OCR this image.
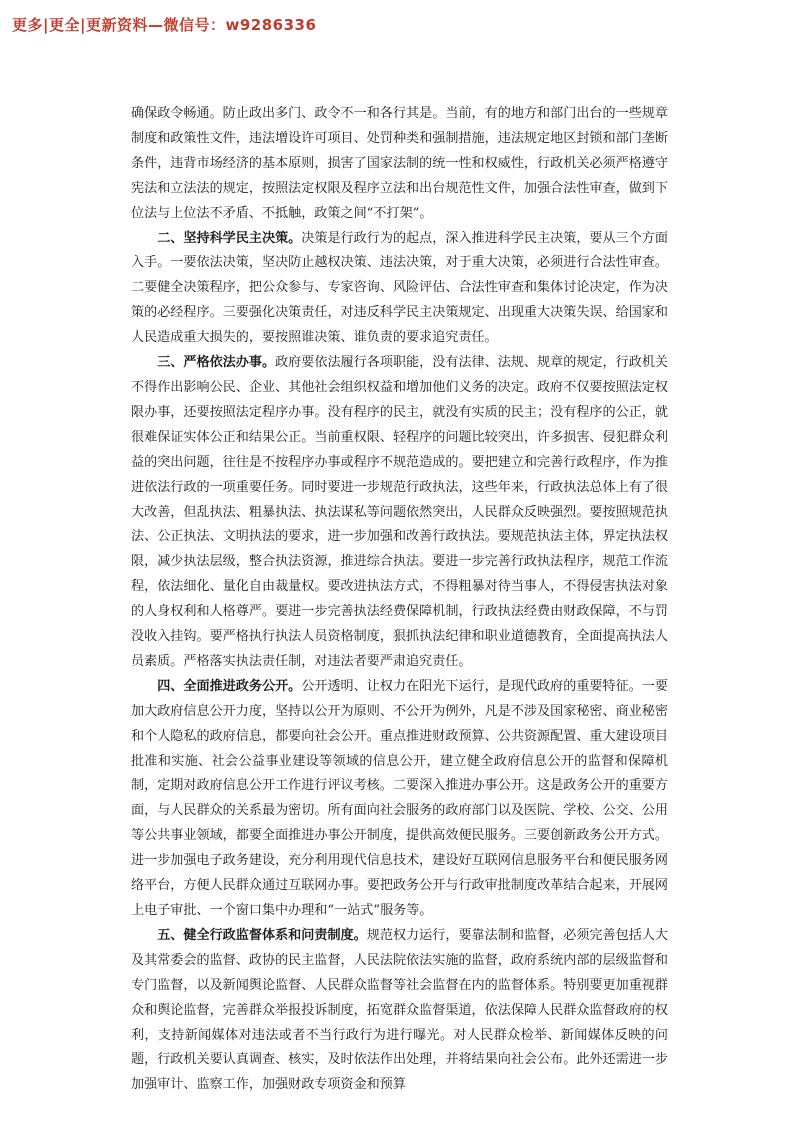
更多|更全|更新资料—微信号：w9286336

确保政令畅通。防止政出多门、政令不一和各行其是。当前，有的地方和部门出台的一些规章制度和政策性文件，违法增设许可项目、处罚种类和强制措施，违法规定地区封锁和部门垄断条件，违背市场经济的基本原则，损害了国家法制的统一性和权威性，行政机关必须严格遵守宪法和立法法的规定，按照法定权限及程序立法和出台规范性文件，加强合法性审查，做到下位法与上位法不矛盾、不抵触，政策之间“不打架”。

二、坚持科学民主决策。决策是行政行为的起点，深入推进科学民主决策，要从三个方面入手。一要依法决策，坚决防止越权决策、违法决策，对于重大决策，必须进行合法性审查。二要健全决策程序，把公众参与、专家咨询、风险评估、合法性审查和集体讨论决定，作为决策的必经程序。三要强化决策责任，对违反科学民主决策规定、出现重大决策失误、给国家和人民造成重大损失的，要按照谁决策、谁负责的要求追究责任。

三、严格依法办事。政府要依法履行各项职能，没有法律、法规、规章的规定，行政机关不得作出影响公民、企业、其他社会组织权益和增加他们义务的决定。政府不仅要按照法定权限办事，还要按照法定程序办事。没有程序的民主，就没有实质的民主；没有程序的公正，就很难保证实体公正和结果公正。当前重权限、轻程序的问题比较突出，许多损害、侵犯群众利益的突出问题，往往是不按程序办事或程序不规范造成的。要把建立和完善行政程序，作为推进依法行政的一项重要任务。同时要进一步规范行政执法，这些年来，行政执法总体上有了很大改善，但乱执法、粗暴执法、执法谋私等问题依然突出，人民群众反映强烈。要按照规范执法、公正执法、文明执法的要求，进一步加强和改善行政执法。要规范执法主体，界定执法权限，减少执法层级，整合执法资源，推进综合执法。要进一步完善行政执法程序，规范工作流程，依法细化、量化自由裁量权。要改进执法方式，不得粗暴对待当事人，不得侵害执法对象的人身权利和人格尊严。要进一步完善执法经费保障机制，行政执法经费由财政保障，不与罚没收入挂钩。要严格执行执法人员资格制度，狠抓执法纪律和职业道德教育，全面提高执法人员素质。严格落实执法责任制，对违法者要严肃追究责任。

四、全面推进政务公开。公开透明、让权力在阳光下运行，是现代政府的重要特征。一要加大政府信息公开力度，坚持以公开为原则、不公开为例外，凡是不涉及国家秘密、商业秘密和个人隐私的政府信息，都要向社会公开。重点推进财政预算、公共资源配置、重大建设项目批准和实施、社会公益事业建设等领域的信息公开，建立健全政府信息公开的监督和保障机制，定期对政府信息公开工作进行评议考核。二要深入推进办事公开。这是政务公开的重要方面，与人民群众的关系最为密切。所有面向社会服务的政府部门以及医院、学校、公交、公用等公共事业领域，都要全面推进办事公开制度，提供高效便民服务。三要创新政务公开方式。进一步加强电子政务建设，充分利用现代信息技术，建设好互联网信息服务平台和便民服务网络平台，方便人民群众通过互联网办事。要把政务公开与行政审批制度改革结合起来，开展网上电子审批、一个窗口集中办理和“一站式”服务等。

五、健全行政监督体系和问责制度。规范权力运行，要靠法制和监督，必须完善包括人大及其常委会的监督、政协的民主监督，人民法院依法实施的监督，政府系统内部的层级监督和专门监督，以及新闻舆论监督、人民群众监督等社会监督在内的监督体系。特别要更加重视群众和舆论监督，完善群众举报投诉制度，拓宽群众监督渠道，依法保障人民群众监督政府的权利，支持新闻媒体对违法或者不当行政行为进行曝光。对人民群众检举、新闻媒体反映的问题，行政机关要认真调查、核实，及时依法作出处理，并将结果向社会公布。此外还需进一步加强审计、监察工作，加强财政专项资金和预算
